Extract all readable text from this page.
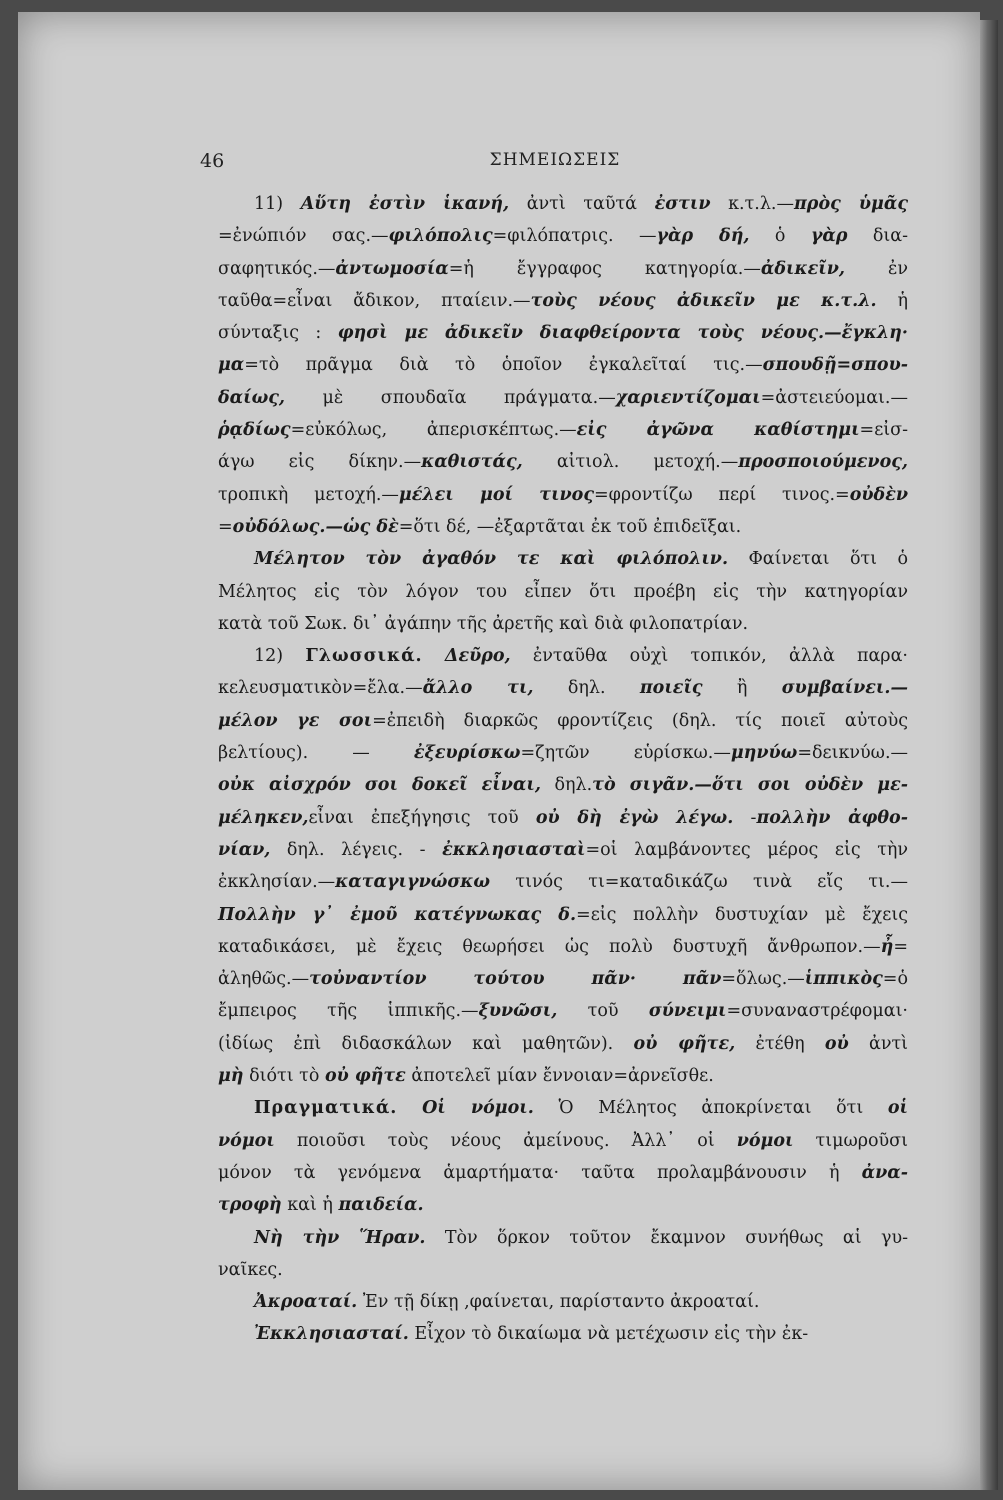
46	ΣΗΜΕΙΩΣΕΙΣ
11) Αὕτη ἐστὶν ἱκανή, ἀντὶ ταῦτά ἐστιν κ.τ.λ.—πρὸς ὑμᾶς
=ἐνώπιόν σας.—φιλόπολις=φιλόπατρις. —γὰρ δή, ὁ γὰρ δια-
σαφητικός.—ἀντωμοσία=ἡ ἔγγραφος κατηγορία.—ἀδικεῖν, ἐν
ταῦθα=εἶναι ἄδικον, πταίειν.—τοὺς νέους ἀδικεῖν με κ.τ.λ. ἡ
σύνταξις : φησὶ με ἀδικεῖν διαφθείροντα τοὺς νέους.—ἔγκλη·
μα=τὸ πρᾶγμα διὰ τὸ ὁποῖον ἐγκαλεῖταί τις.—σπουδῇ=σπου-
δαίως, μὲ σπουδαῖα πράγματα.—χαριεντίζομαι=ἀστειεύομαι.—
ῥᾳδίως=εὐκόλως, ἀπερισκέπτως.—εἰς ἀγῶνα καθίστημι=εἰσ-
άγω εἰς δίκην.—καθιστάς, αἰτιολ. μετοχή.—προσποιούμενος,
τροπικὴ μετοχή.—μέλει μοί τινος=φροντίζω περί τινος.=οὐδὲν
=οὐδόλως.—ὡς δὲ=ὅτι δέ, —ἐξαρτᾶται ἐκ τοῦ ἐπιδεῖξαι.
Μέλητον τὸν ἀγαθόν τε καὶ φιλόπολιν. Φαίνεται ὅτι ὁ
Μέλητος εἰς τὸν λόγον του εἶπεν ὅτι προέβη εἰς τὴν κατηγορίαν
κατὰ τοῦ Σωκ. δι᾽ ἀγάπην τῆς ἀρετῆς καὶ διὰ φιλοπατρίαν.
12) Γλωσσικά. Δεῦρο, ἐνταῦθα οὐχὶ τοπικόν, ἀλλὰ παρα·
κελευσματικὸν=ἔλα.—ἄλλο τι, δηλ. ποιεῖς ἢ συμβαίνει.—
μέλον γε σοι=ἐπειδὴ διαρκῶς φροντίζεις (δηλ. τίς ποιεῖ αὐτοὺς
βελτίους). — ἐξευρίσκω=ζητῶν εὑρίσκω.—μηνύω=δεικνύω.—
οὐκ αἰσχρόν σοι δοκεῖ εἶναι, δηλ.τὸ σιγᾶν.—ὅτι σοι οὐδὲν με-
μέληκεν,εἶναι ἐπεξήγησις τοῦ οὐ δὴ ἐγὼ λέγω. -πολλὴν ἀφθο-
νίαν, δηλ. λέγεις. - ἐκκλησιασταὶ=οἱ λαμβάνοντες μέρος εἰς τὴν
ἐκκλησίαν.—καταγιγνώσκω τινός τι=καταδικάζω τινὰ εἴς τι.—
Πολλὴν γ᾽ ἐμοῦ κατέγνωκας δ.=εἰς πολλὴν δυστυχίαν μὲ ἔχεις
καταδικάσει, μὲ ἔχεις θεωρήσει ὡς πολὺ δυστυχῆ ἄνθρωπον.—ἦ=
ἀληθῶς.—τοὐναντίον τούτου πᾶν· πᾶν=ὅλως.—ἱππικὸς=ὁ
ἔμπειρος τῆς ἱππικῆς.—ξυνῶσι, τοῦ σύνειμι=συναναστρέφομαι·
(ἰδίως ἐπὶ διδασκάλων καὶ μαθητῶν). οὐ φῆτε, ἐτέθη οὐ ἀντὶ
μὴ διότι τὸ οὐ φῆτε ἀποτελεῖ μίαν ἔννοιαν=ἀρνεῖσθε.
Πραγματικά. Οἱ νόμοι. Ὁ Μέλητος ἀποκρίνεται ὅτι οἱ
νόμοι ποιοῦσι τοὺς νέους ἀμείνους. Ἀλλ᾽ οἱ νόμοι τιμωροῦσι
μόνον τὰ γενόμενα ἁμαρτήματα· ταῦτα προλαμβάνουσιν ἡ ἀνα-
τροφὴ καὶ ἡ παιδεία.
Νὴ τὴν Ἥραν. Τὸν ὅρκον τοῦτον ἔκαμνον συνήθως αἱ γυ-
ναῖκες.
Ἀκροαταί. Ἐν τῇ δίκῃ ,φαίνεται, παρίσταντο ἀκροαταί.
Ἐκκλησιασταί. Εἶχον τὸ δικαίωμα νὰ μετέχωσιν εἰς τὴν ἐκ-
